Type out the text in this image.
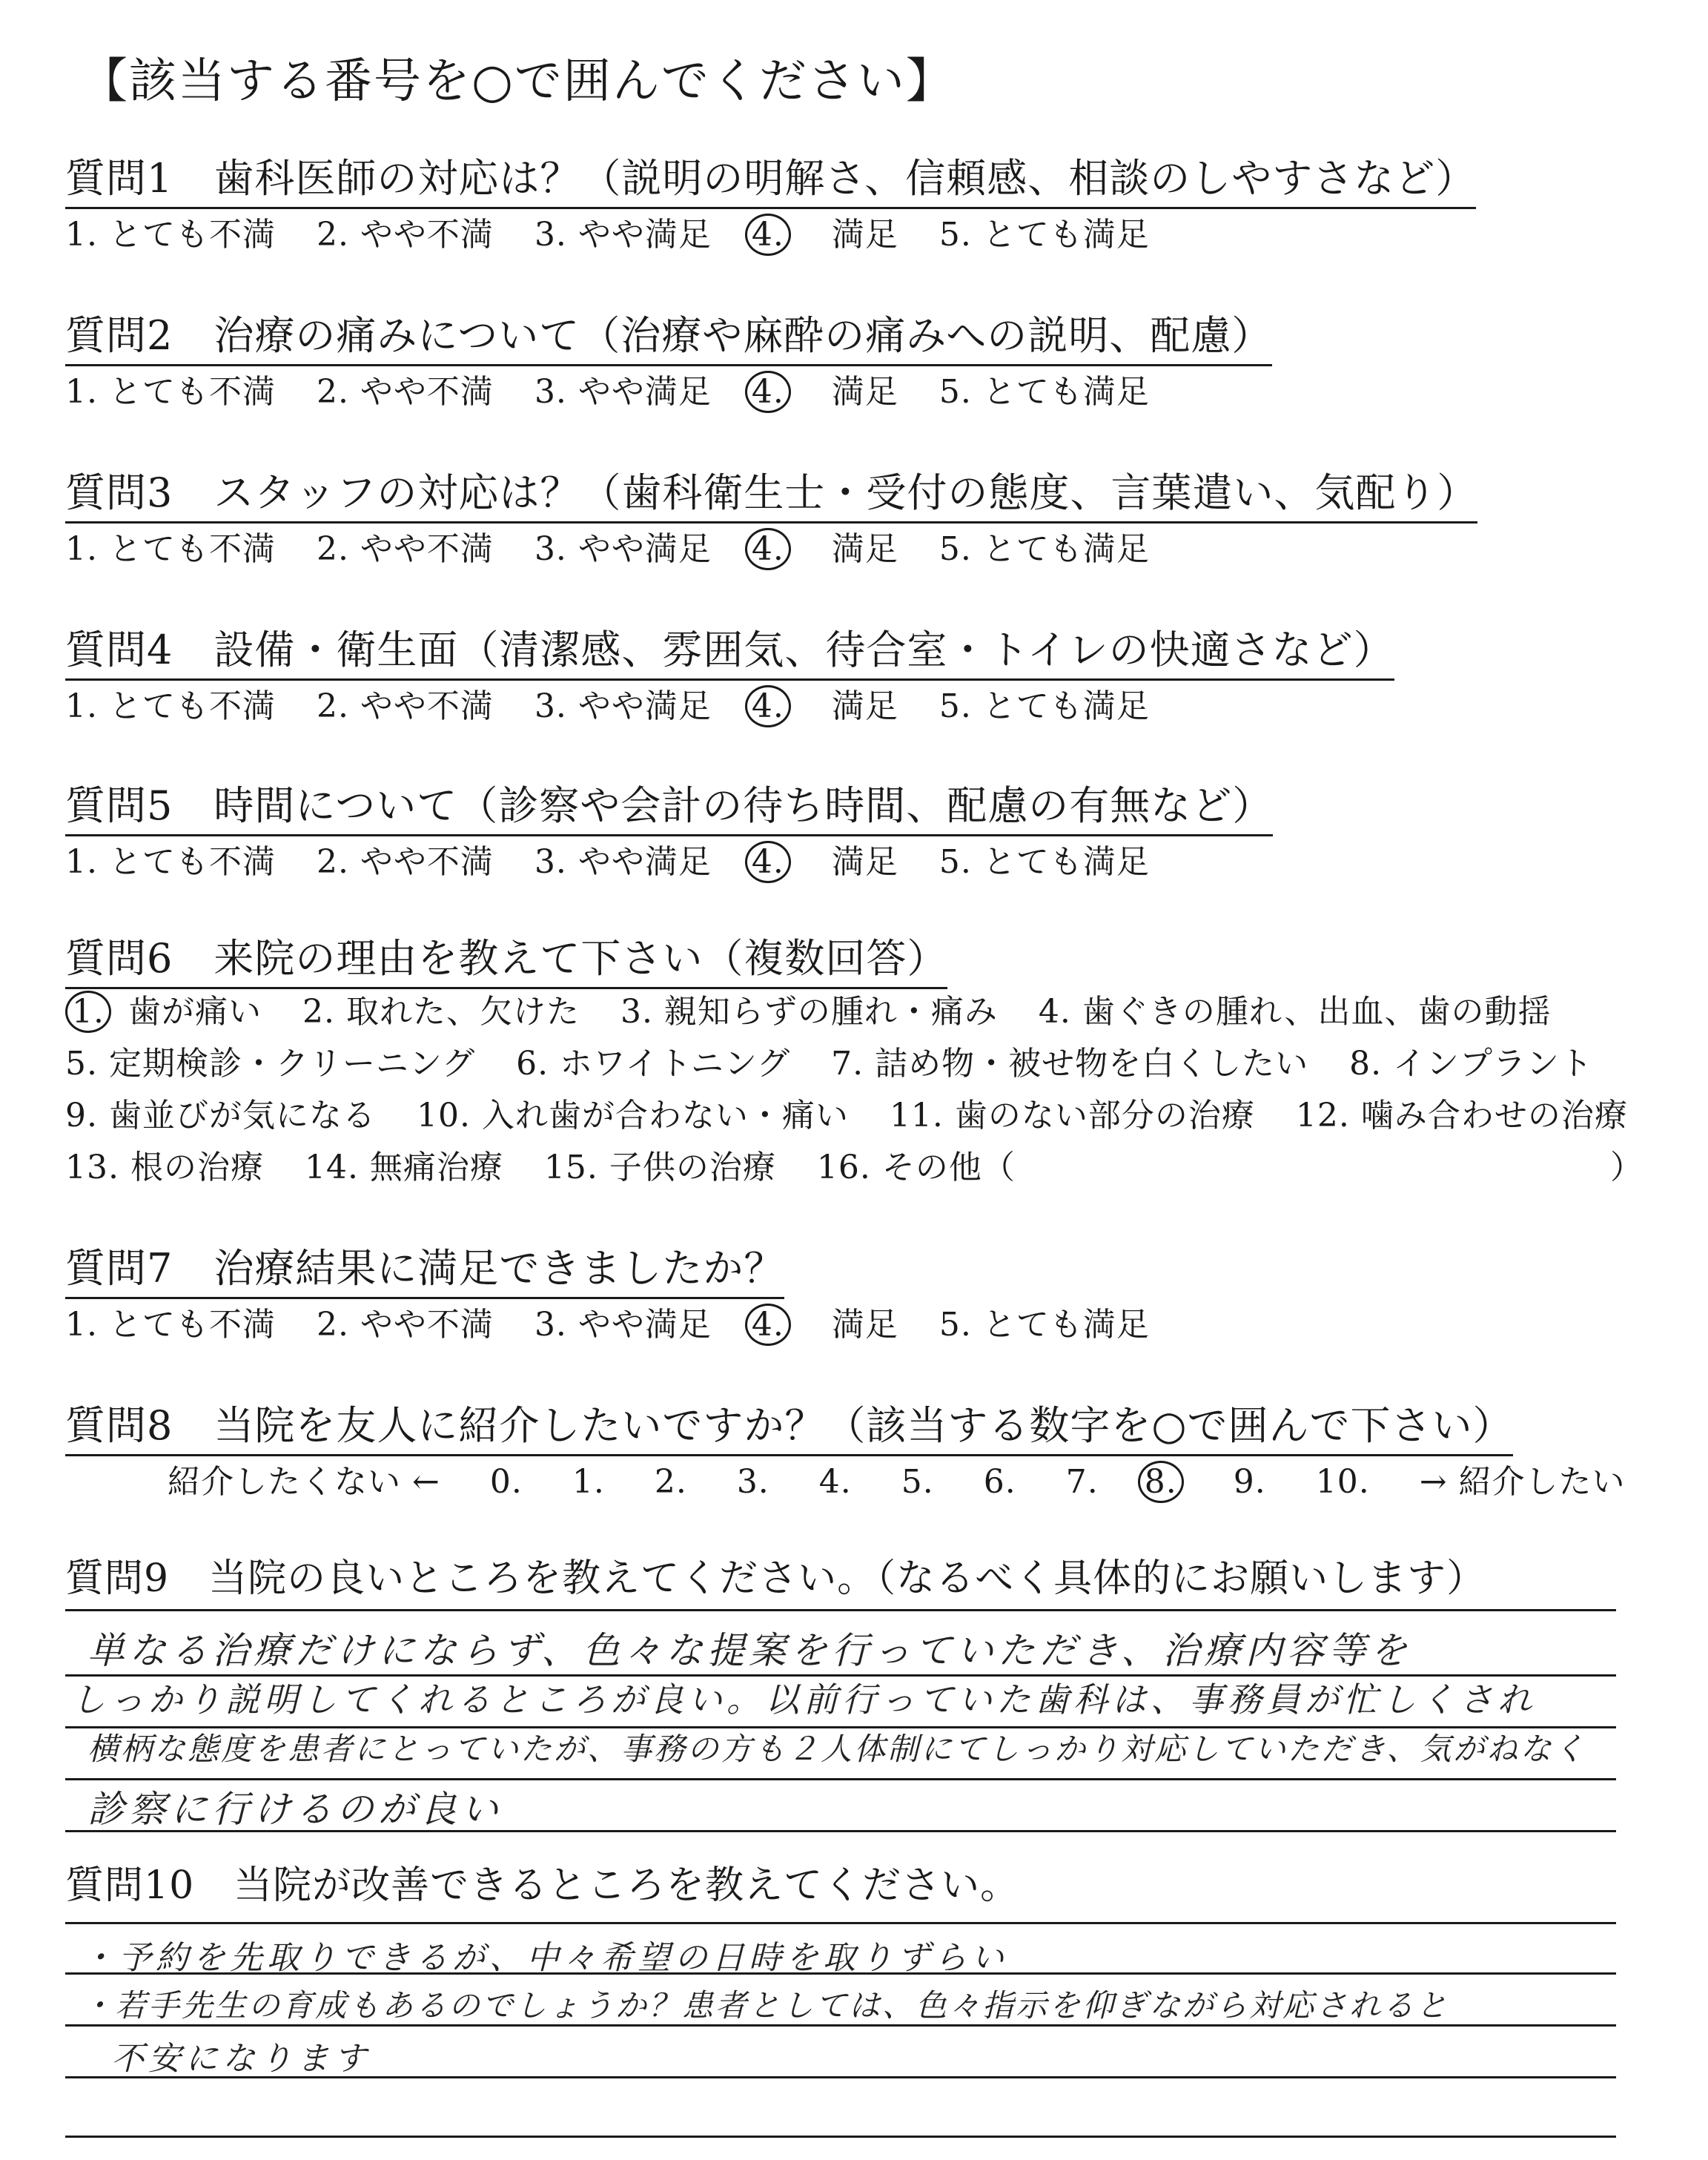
【該当する番号を○で囲んでください】
質問1　歯科医師の対応は？（説明の明解さ、信頼感、相談のしやすさなど）
1. とても不満 2. やや不満 3. やや満足 4. 満足 5. とても満足
質問2　治療の痛みについて（治療や麻酔の痛みへの説明、配慮）
1. とても不満 2. やや不満 3. やや満足 4. 満足 5. とても満足
質問3　スタッフの対応は？（歯科衛生士・受付の態度、言葉遣い、気配り）
1. とても不満 2. やや不満 3. やや満足 4. 満足 5. とても満足
質問4　設備・衛生面（清潔感、雰囲気、待合室・トイレの快適さなど）
1. とても不満 2. やや不満 3. やや満足 4. 満足 5. とても満足
質問5　時間について（診察や会計の待ち時間、配慮の有無など）
1. とても不満 2. やや不満 3. やや満足 4. 満足 5. とても満足
質問6　来院の理由を教えて下さい（複数回答）
1. 歯が痛い 2. 取れた、欠けた 3. 親知らずの腫れ・痛み 4. 歯ぐきの腫れ、出血、歯の動揺
5. 定期検診・クリーニング 6. ホワイトニング 7. 詰め物・被せ物を白くしたい 8. インプラント
9. 歯並びが気になる 10. 入れ歯が合わない・痛い 11. 歯のない部分の治療 12. 噛み合わせの治療
13. 根の治療 14. 無痛治療 15. 子供の治療 16. その他（	）
質問7　治療結果に満足できましたか？
1. とても不満 2. やや不満 3. やや満足 4. 満足 5. とても満足
質問8　当院を友人に紹介したいですか？（該当する数字を○で囲んで下さい）
紹介したくない ← 0. 1. 2. 3. 4. 5. 6. 7. 8. 9. 10. → 紹介したい
質問9　当院の良いところを教えてください。（なるべく具体的にお願いします）
単なる治療だけにならず、色々な提案を行っていただき、治療内容等を
しっかり説明してくれるところが良い。以前行っていた歯科は、事務員が忙しくされ
横柄な態度を患者にとっていたが、事務の方も２人体制にてしっかり対応していただき、気がねなく
診察に行けるのが良い
質問10　当院が改善できるところを教えてください。
・予約を先取りできるが、中々希望の日時を取りずらい
・若手先生の育成もあるのでしょうか？患者としては、色々指示を仰ぎながら対応されると
不安になります
